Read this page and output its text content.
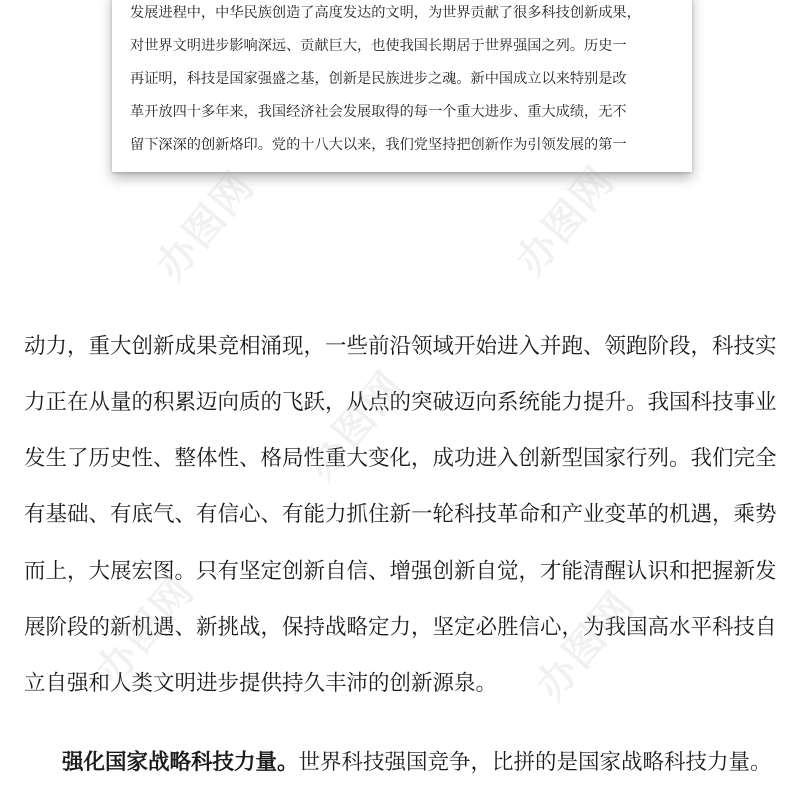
发展进程中，中华民族创造了高度发达的文明，为世界贡献了很多科技创新成果，
对世界文明进步影响深远、贡献巨大，也使我国长期居于世界强国之列。历史一
再证明，科技是国家强盛之基，创新是民族进步之魂。新中国成立以来特别是改
革开放四十多年来，我国经济社会发展取得的每一个重大进步、重大成绩，无不
留下深深的创新烙印。党的十八大以来，我们党坚持把创新作为引领发展的第一
动力，重大创新成果竞相涌现，一些前沿领域开始进入并跑、领跑阶段，科技实
力正在从量的积累迈向质的飞跃，从点的突破迈向系统能力提升。我国科技事业
发生了历史性、整体性、格局性重大变化，成功进入创新型国家行列。我们完全
有基础、有底气、有信心、有能力抓住新一轮科技革命和产业变革的机遇，乘势
而上，大展宏图。只有坚定创新自信、增强创新自觉，才能清醒认识和把握新发
展阶段的新机遇、新挑战，保持战略定力，坚定必胜信心，为我国高水平科技自
立自强和人类文明进步提供持久丰沛的创新源泉。
强化国家战略科技力量。世界科技强国竞争，比拼的是国家战略科技力量。
办图网	办图网
办图网
办图网	办图网
